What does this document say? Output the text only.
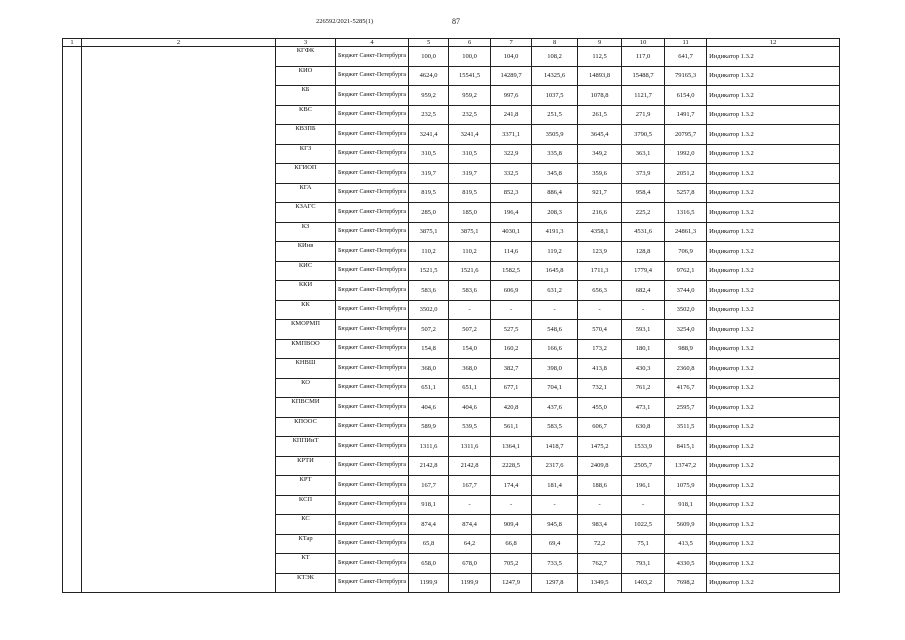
226592/2021-5285(1)	87
1	2	3	4	5	6	7	8	9	10	11	12
		КГФК	Бюджет Санкт-Петербурга	100,0	100,0	104,0	108,2	112,5	117,0	641,7	Индикатор 1.3.2
		КИО	Бюджет Санкт-Петербурга	4624,0	15541,5	14289,7	14325,6	14893,8	15488,7	79165,3	Индикатор 1.3.2
		КБ	Бюджет Санкт-Петербурга	959,2	959,2	997,6	1037,5	1078,8	1121,7	6154,0	Индикатор 1.3.2
		КВС	Бюджет Санкт-Петербурга	232,5	232,5	241,8	251,5	261,5	271,9	1491,7	Индикатор 1.3.2
		КВЗПБ	Бюджет Санкт-Петербурга	3241,4	3241,4	3371,1	3505,9	3645,4	3790,5	20795,7	Индикатор 1.3.2
		КГЗ	Бюджет Санкт-Петербурга	310,5	310,5	322,9	335,8	349,2	363,1	1992,0	Индикатор 1.3.2
		КГИОП	Бюджет Санкт-Петербурга	319,7	319,7	332,5	345,8	359,6	373,9	2051,2	Индикатор 1.3.2
		КГА	Бюджет Санкт-Петербурга	819,5	819,5	852,3	886,4	921,7	958,4	5257,8	Индикатор 1.3.2
		КЗАГС	Бюджет Санкт-Петербурга	285,0	185,0	196,4	208,3	216,6	225,2	1316,5	Индикатор 1.3.2
		КЗ	Бюджет Санкт-Петербурга	3875,1	3875,1	4030,1	4191,3	4358,1	4531,6	24861,3	Индикатор 1.3.2
		КИнв	Бюджет Санкт-Петербурга	110,2	110,2	114,6	119,2	123,9	128,8	706,9	Индикатор 1.3.2
		КИС	Бюджет Санкт-Петербурга	1521,5	1521,6	1582,5	1645,8	1711,3	1779,4	9762,1	Индикатор 1.3.2
		ККИ	Бюджет Санкт-Петербурга	583,6	583,6	606,9	631,2	656,3	682,4	3744,0	Индикатор 1.3.2
		КК	Бюджет Санкт-Петербурга	3502,0	-	-	-	-	-	3502,0	Индикатор 1.3.2
		КМОРМП	Бюджет Санкт-Петербурга	507,2	507,2	527,5	548,6	570,4	593,1	3254,0	Индикатор 1.3.2
		КМПВОО	Бюджет Санкт-Петербурга	154,8	154,0	160,2	166,6	173,2	180,1	988,9	Индикатор 1.3.2
		КНВШ	Бюджет Санкт-Петербурга	368,0	368,0	382,7	398,0	413,8	430,3	2360,8	Индикатор 1.3.2
		КО	Бюджет Санкт-Петербурга	651,1	651,1	677,1	704,1	732,1	761,2	4176,7	Индикатор 1.3.2
		КПВСМИ	Бюджет Санкт-Петербурга	404,6	404,6	420,8	437,6	455,0	473,1	2595,7	Индикатор 1.3.2
		КПООС	Бюджет Санкт-Петербурга	589,9	539,5	561,1	583,5	606,7	630,8	3511,5	Индикатор 1.3.2
		КППИиТ	Бюджет Санкт-Петербурга	1311,6	1311,6	1364,1	1418,7	1475,2	1533,9	8415,1	Индикатор 1.3.2
		КРТИ	Бюджет Санкт-Петербурга	2142,8	2142,8	2228,5	2317,6	2409,8	2505,7	13747,2	Индикатор 1.3.2
		КРТ	Бюджет Санкт-Петербурга	167,7	167,7	174,4	181,4	188,6	196,1	1075,9	Индикатор 1.3.2
		КСП	Бюджет Санкт-Петербурга	918,1	-	-	-	-	-	918,1	Индикатор 1.3.2
		КС	Бюджет Санкт-Петербурга	874,4	874,4	909,4	945,8	983,4	1022,5	5609,9	Индикатор 1.3.2
		КТар	Бюджет Санкт-Петербурга	65,8	64,2	66,8	69,4	72,2	75,1	413,5	Индикатор 1.3.2
		КТ	Бюджет Санкт-Петербурга	658,0	678,0	705,2	733,5	762,7	793,1	4330,5	Индикатор 1.3.2
		КТЭК	Бюджет Санкт-Петербурга	1199,9	1199,9	1247,9	1297,8	1349,5	1403,2	7698,2	Индикатор 1.3.2
